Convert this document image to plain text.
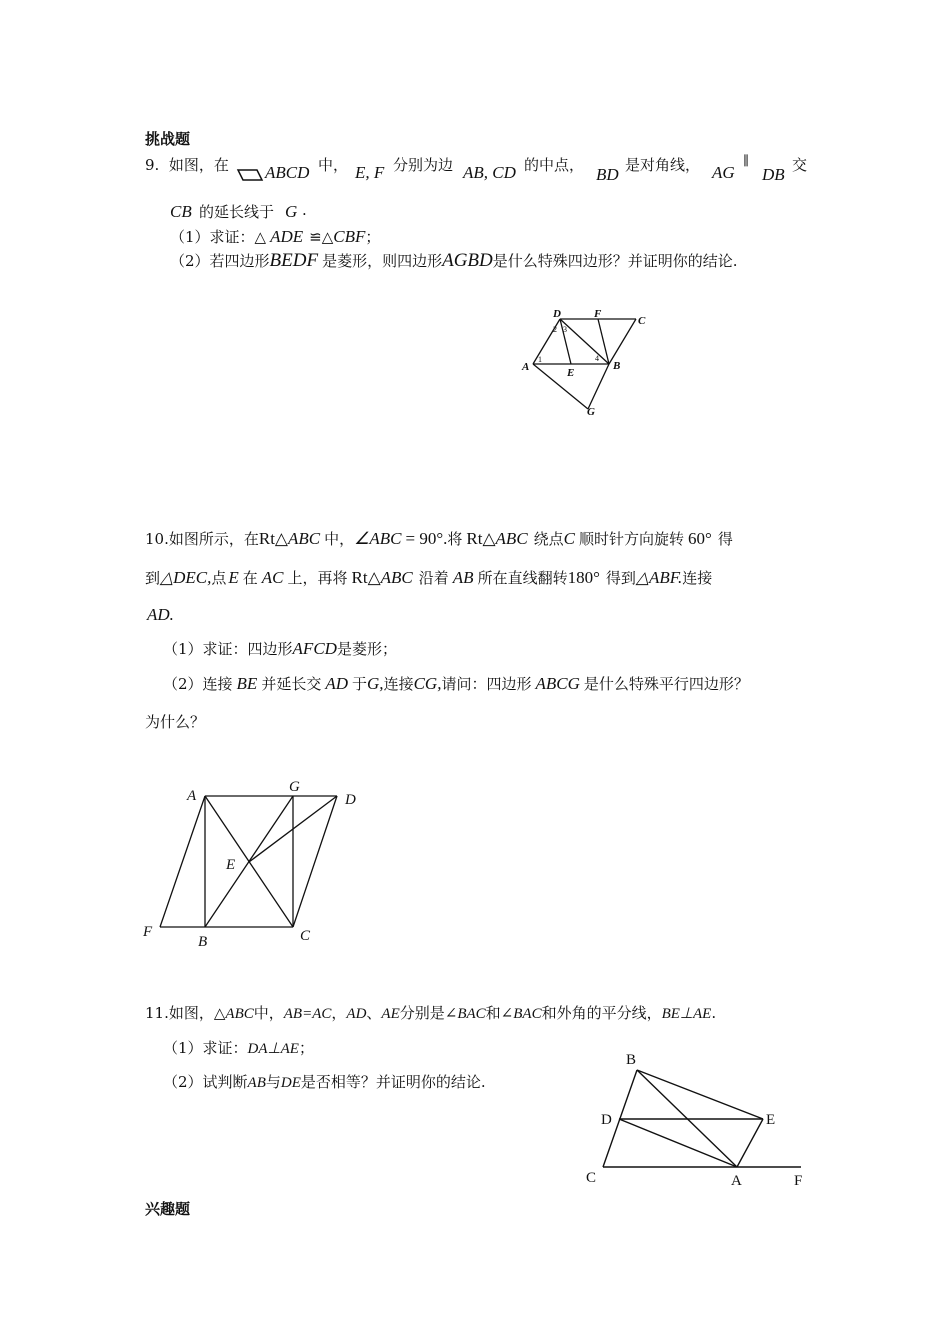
挑战题
9. 如图，在 ABCD 中， E, F 分别为边 AB, CD 的中点， BD 是对角线， AG
∥
DB 交
CB 的延长线于 G .
（1）求证：△ ADE ≌△CBF；
（2）若四边形BEDF 是菱形，则四边形AGBD是什么特殊四边形？并证明你的结论.
D	F
C
A	E
B
G
1
2 3
4
10.如图所示，在Rt△ABC 中，∠ABC = 90°.将 Rt△ABC 绕点C 顺时针方向旋转 60° 得
到△DEC,点 E 在 AC 上，再将 Rt△ABC 沿着 AB 所在直线翻转180° 得到△ABF.连接
AD.
（1）求证：四边形AFCD是菱形；
（2）连接 BE 并延长交 AD 于G,连接CG,请问：四边形 ABCG 是什么特殊平行四边形？
为什么？
A
G
D
E
F
B	C
11.如图，△ABC中，AB=AC，AD、AE分别是∠BAC和∠BAC和外角的平分线，BE⊥AE.
（1）求证：DA⊥AE；
（2）试判断AB与DE是否相等？并证明你的结论.
B
D	E
C	A	F
兴趣题
